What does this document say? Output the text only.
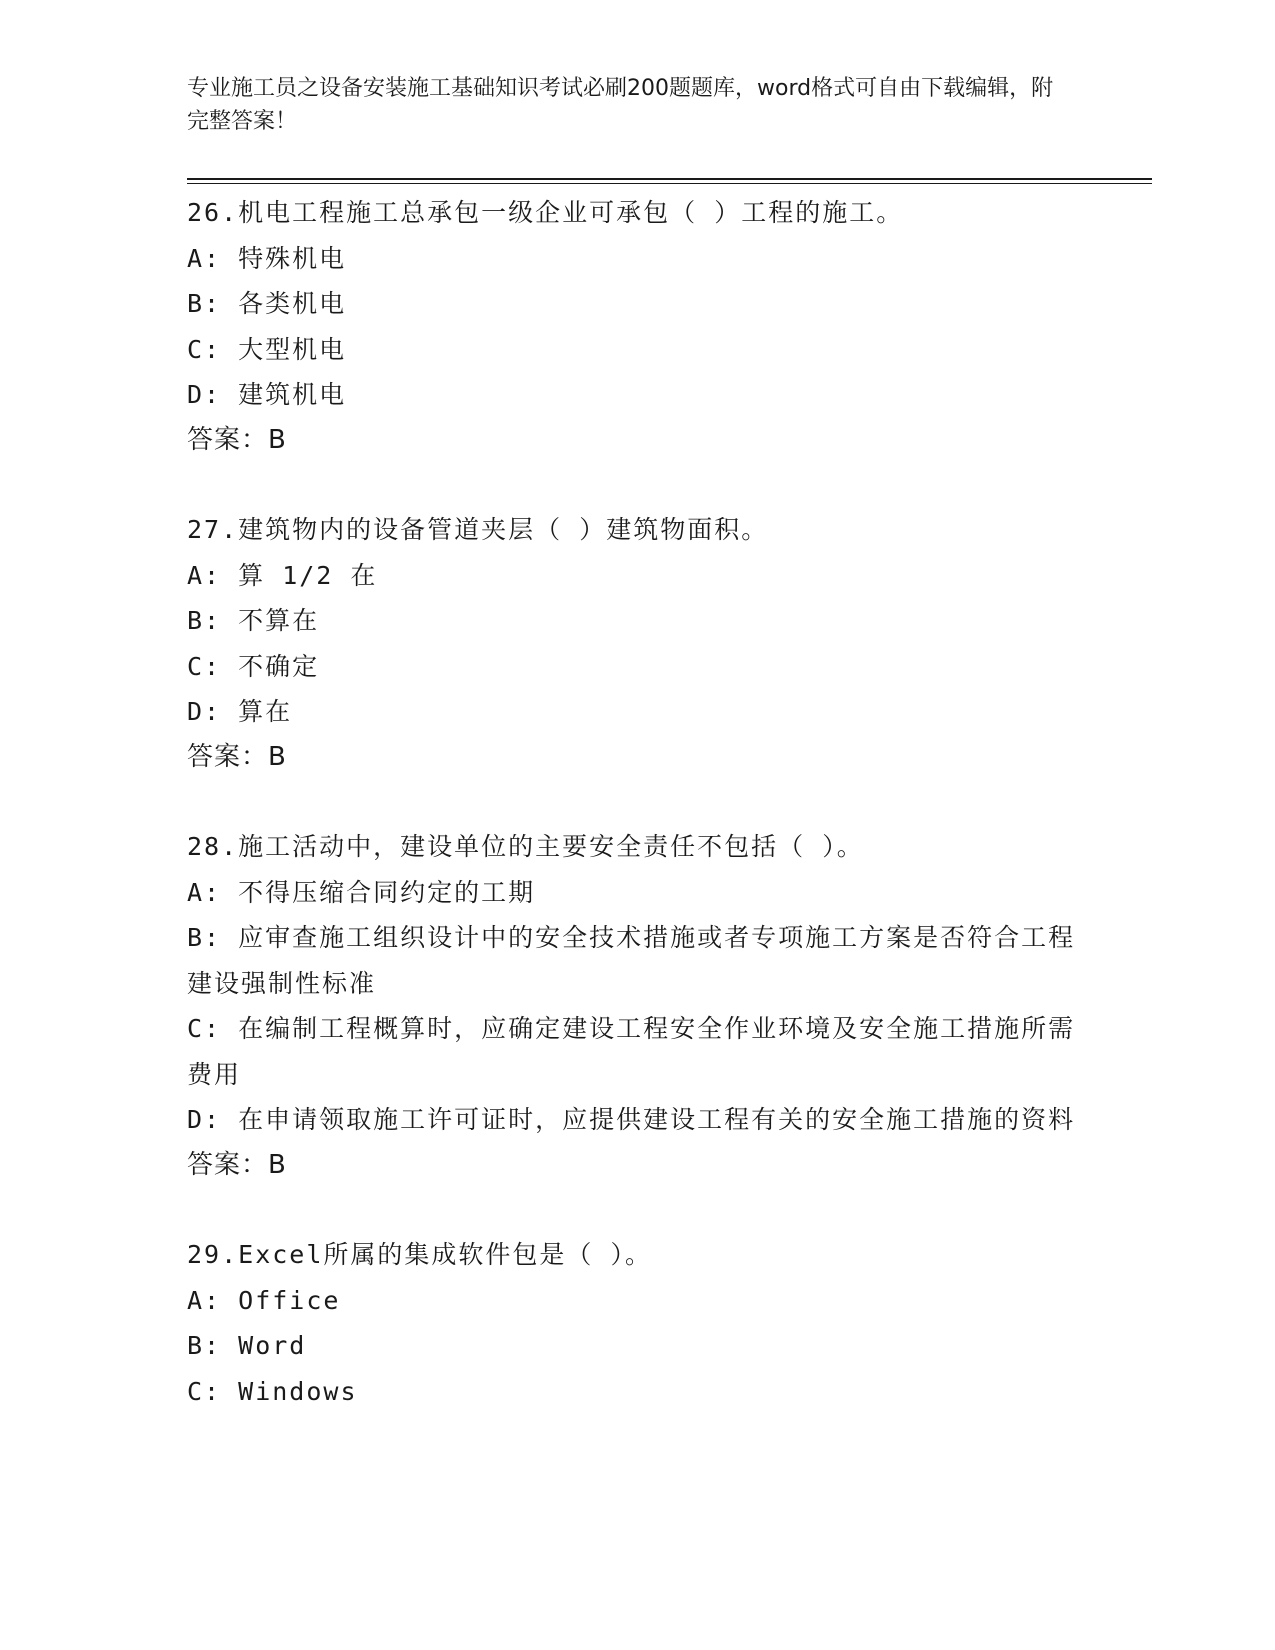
专业施工员之设备安装施工基础知识考试必刷200题题库，word格式可自由下载编辑，附完整答案！
26.机电工程施工总承包一级企业可承包（ ）工程的施工。
A: 特殊机电
B: 各类机电
C: 大型机电
D: 建筑机电
答案：B
27.建筑物内的设备管道夹层（ ）建筑物面积。
A: 算 1/2 在
B: 不算在
C: 不确定
D: 算在
答案：B
28.施工活动中，建设单位的主要安全责任不包括（ ）。
A: 不得压缩合同约定的工期
B: 应审查施工组织设计中的安全技术措施或者专项施工方案是否符合工程建设强制性标准
C: 在编制工程概算时，应确定建设工程安全作业环境及安全施工措施所需费用
D: 在申请领取施工许可证时，应提供建设工程有关的安全施工措施的资料
答案：B
29.Excel所属的集成软件包是（ ）。
A: Office
B: Word
C: Windows
